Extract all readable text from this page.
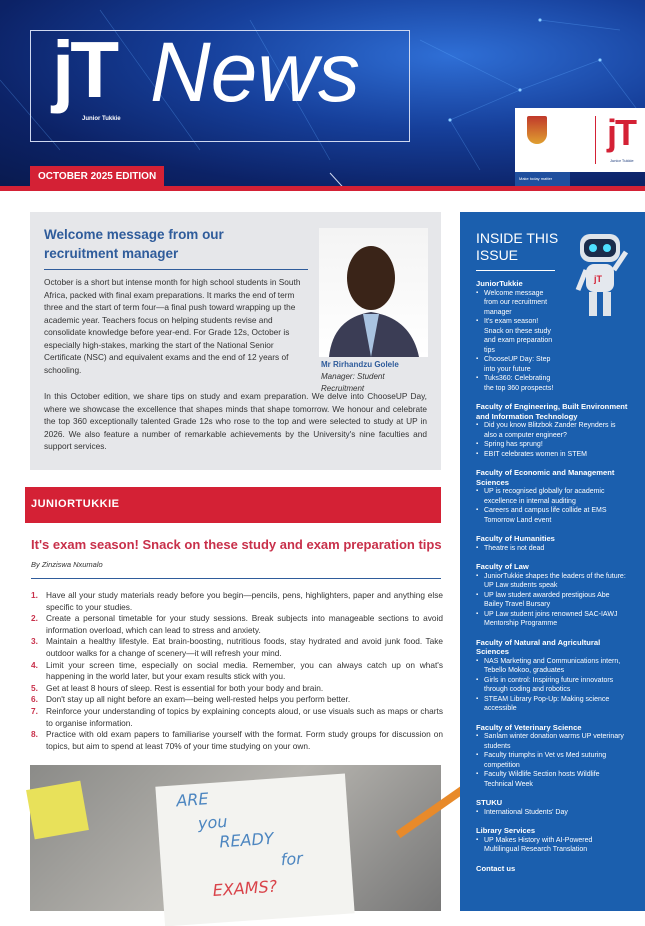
jT News
Junior Tukkie
OCTOBER 2025 EDITION
jT
Junior Tukkie
Make today matter
Welcome message from our recruitment manager

October is a short but intense month for high school students in South Africa, packed with final exam preparations. It marks the end of term three and the start of term four—a final push toward wrapping up the academic year. Teachers focus on helping students revise and consolidate knowledge before year-end. For Grade 12s, October is especially high-stakes, marking the start of the National Senior Certificate (NSC) and equivalent exams and the end of 12 years of schooling.

In this October edition, we share tips on study and exam preparation. We delve into ChooseUP Day, where we showcase the excellence that shapes minds that shape tomorrow. We honour and celebrate the top 360 exceptionally talented Grade 12s who rose to the top and were selected to study at UP in 2026. We also feature a number of remarkable achievements by the University's nine faculties and support services.

Mr Rirhandzu Golele
Manager: Student Recruitment
JUNIORTUKKIE
It's exam season! Snack on these study and exam preparation tips
By Zinziswa Nxumalo
1. Have all your study materials ready before you begin—pencils, pens, highlighters, paper and anything else specific to your studies.
2. Create a personal timetable for your study sessions. Break subjects into manageable sections to avoid information overload, which can lead to stress and anxiety.
3. Maintain a healthy lifestyle. Eat brain-boosting, nutritious foods, stay hydrated and avoid junk food. Take outdoor walks for a change of scenery—it will refresh your mind.
4. Limit your screen time, especially on social media. Remember, you can always catch up on what's happening in the world later, but your exam results stick with you.
5. Get at least 8 hours of sleep. Rest is essential for both your body and brain.
6. Don't stay up all night before an exam—being well-rested helps you perform better.
7. Reinforce your understanding of topics by explaining concepts aloud, or use visuals such as maps or charts to organise information.
8. Practice with old exam papers to familiarise yourself with the format. Form study groups for discussion on topics, but aim to spend at least 70% of your time studying on your own.
ARE
you
READY
for
EXAMS?
INSIDE THIS ISSUE
JuniorTukkie
▪ Welcome message from our recruitment manager
▪ It's exam season! Snack on these study and exam preparation tips
▪ ChooseUP Day: Step into your future
▪ Tuks360: Celebrating the top 360 prospects!
Faculty of Engineering, Built Environment and Information Technology
▪ Did you know Blitzbok Zander Reynders is also a computer engineer?
▪ Spring has sprung!
▪ EBIT celebrates women in STEM
Faculty of Economic and Management Sciences
▪ UP is recognised globally for academic excellence in internal auditing
▪ Careers and campus life collide at EMS Tomorrow Land event
Faculty of Humanities
▪ Theatre is not dead
Faculty of Law
▪ JuniorTukkie shapes the leaders of the future: UP Law students speak
▪ UP law student awarded prestigious Abe Bailey Travel Bursary
▪ UP Law student joins renowned SAC-IAWJ Mentorship Programme
Faculty of Natural and Agricultural Sciences
▪ NAS Marketing and Communications intern, Tebello Mokoo, graduates
▪ Girls in control: Inspiring future innovators through coding and robotics
▪ STEAM Library Pop-Up: Making science accessible
Faculty of Veterinary Science
▪ Sanlam winter donation warms UP veterinary students
▪ Faculty triumphs in Vet vs Med suturing competition
▪ Faculty Wildlife Section hosts Wildlife Technical Week
STUKU
▪ International Students' Day
Library Services
▪ UP Makes History with AI-Powered Multilingual Research Translation
Contact us
jT
